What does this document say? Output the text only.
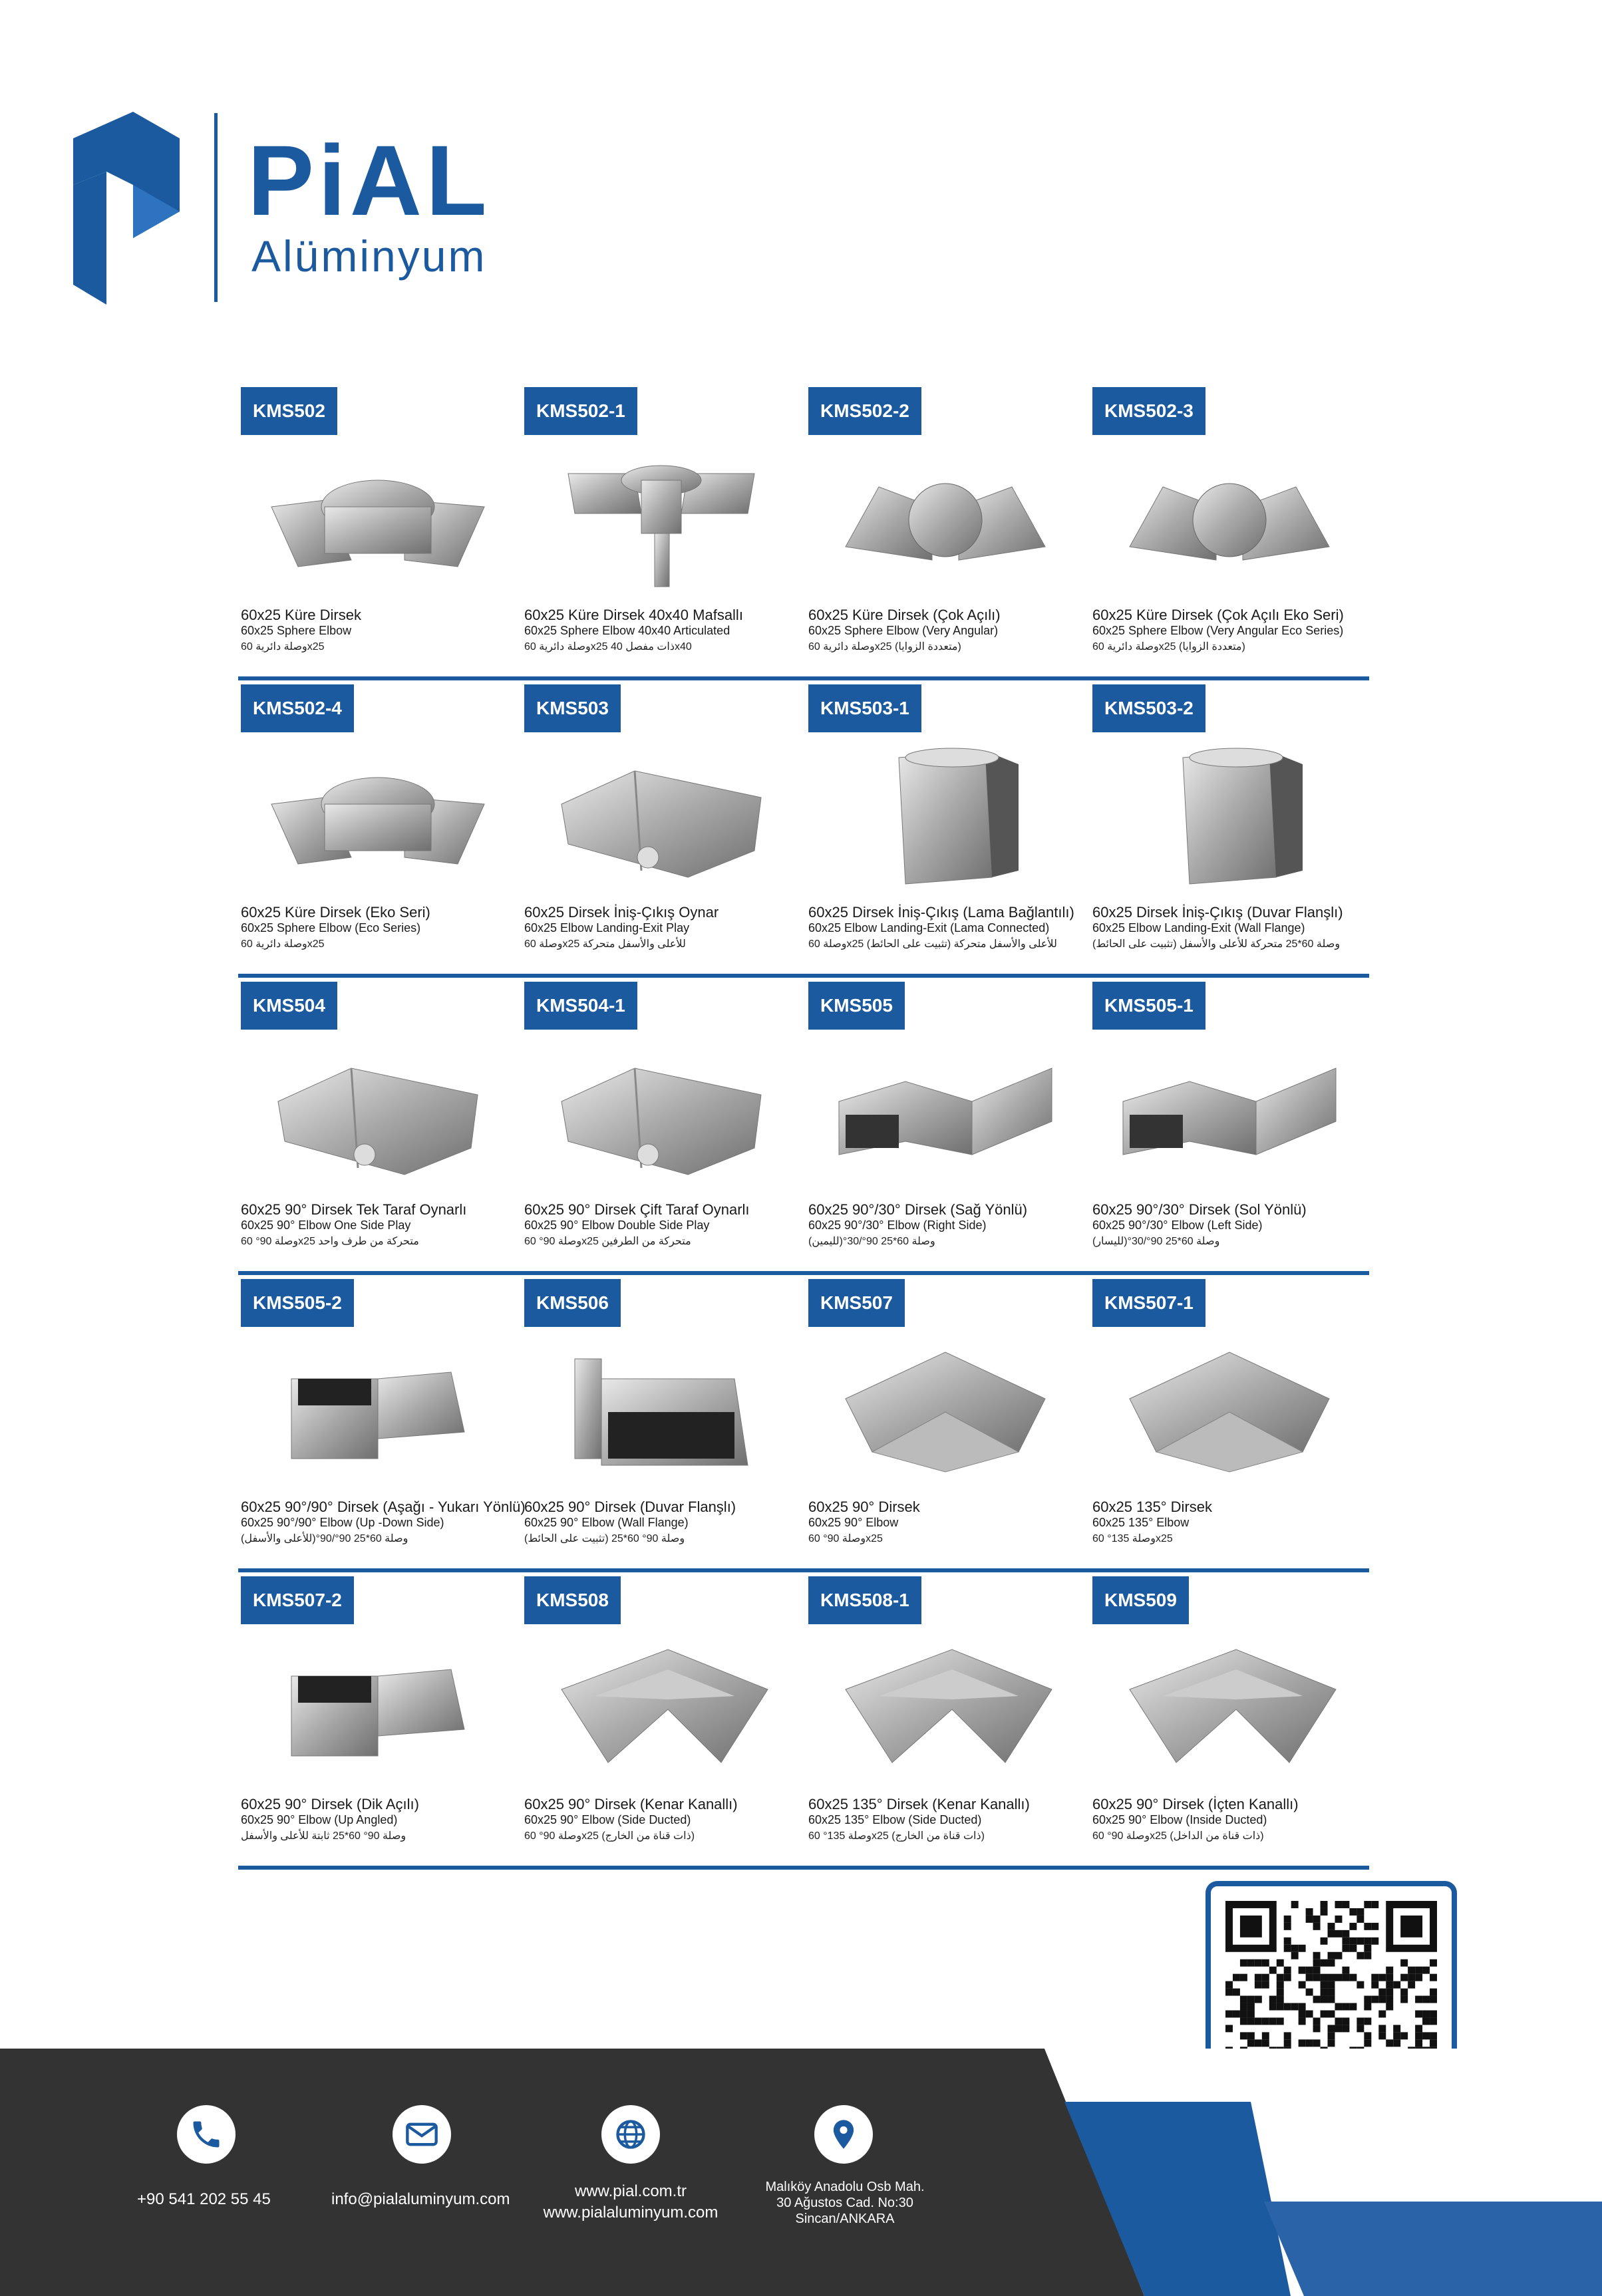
PiAL
Alüminyum
KMS502
60x25 Küre Dirsek
60x25 Sphere Elbow
وصلة دائرية 60x25
KMS502-1
60x25 Küre Dirsek 40x40 Mafsallı
60x25 Sphere Elbow 40x40 Articulated
وصلة دائرية 60x25 ذات مفصل 40x40
KMS502-2
60x25 Küre Dirsek (Çok Açılı)
60x25 Sphere Elbow (Very Angular)
وصلة دائرية 60x25 (متعددة الزوايا)
KMS502-3
60x25 Küre Dirsek (Çok Açılı Eko Seri)
60x25 Sphere Elbow (Very Angular Eco Series)
وصلة دائرية 60x25 (متعددة الزوايا)
KMS502-4
60x25 Küre Dirsek (Eko Seri)
60x25 Sphere Elbow (Eco Series)
وصلة دائرية 60x25
KMS503
60x25 Dirsek İniş-Çıkış Oynar
60x25 Elbow Landing-Exit Play
وصلة 60x25 للأعلى والأسفل متحركة
KMS503-1
60x25 Dirsek İniş-Çıkış (Lama Bağlantılı)
60x25 Elbow Landing-Exit (Lama Connected)
وصلة 60x25 للأعلى والأسفل متحركة (تثبيت على الحائط)
KMS503-2
60x25 Dirsek İniş-Çıkış (Duvar Flanşlı)
60x25 Elbow Landing-Exit (Wall Flange)
وصلة 60*25 متحركة للأعلى والأسفل (تثبيت على الحائط)
KMS504
60x25 90° Dirsek Tek Taraf Oynarlı
60x25 90° Elbow One Side Play
وصلة 90° 60x25 متحركة من طرف واحد
KMS504-1
60x25 90° Dirsek Çift Taraf Oynarlı
60x25 90° Elbow Double Side Play
وصلة 90° 60x25 متحركة من الطرفين
KMS505
60x25 90°/30° Dirsek (Sağ Yönlü)
60x25 90°/30° Elbow (Right Side)
وصلة 60*25 90°/30°(لليمين)
KMS505-1
60x25 90°/30° Dirsek (Sol Yönlü)
60x25 90°/30° Elbow (Left Side)
وصلة 60*25 90°/30°(لليسار)
KMS505-2
60x25 90°/90° Dirsek (Aşağı - Yukarı Yönlü)
60x25 90°/90° Elbow (Up -Down Side)
وصلة 60*25 90°/90°(للأعلى والأسفل)
KMS506
60x25 90° Dirsek (Duvar Flanşlı)
60x25 90° Elbow (Wall Flange)
وصلة 90° 60*25 (تثبيت على الحائط)
KMS507
60x25 90° Dirsek
60x25 90° Elbow
وصلة 90° 60x25
KMS507-1
60x25 135° Dirsek
60x25 135° Elbow
وصلة 135° 60x25
KMS507-2
60x25 90° Dirsek (Dik Açılı)
60x25 90° Elbow (Up Angled)
وصلة 90° 60*25 ثابتة للأعلى والأسفل
KMS508
60x25 90° Dirsek (Kenar Kanallı)
60x25 90° Elbow (Side Ducted)
وصلة 90° 60x25 (ذات قناة من الخارج)
KMS508-1
60x25 135° Dirsek (Kenar Kanallı)
60x25 135° Elbow (Side Ducted)
وصلة 135° 60x25 (ذات قناة من الخارج)
KMS509
60x25 90° Dirsek (İçten Kanallı)
60x25 90° Elbow (Inside Ducted)
وصلة 90° 60x25 (ذات قناة من الداخل)
+90 541 202 55 45	info@pialaluminyum.com	www.pial.com.tr
www.pialaluminyum.com
Malıköy Anadolu Osb Mah.
30 Ağustos Cad. No:30
Sincan/ANKARA
